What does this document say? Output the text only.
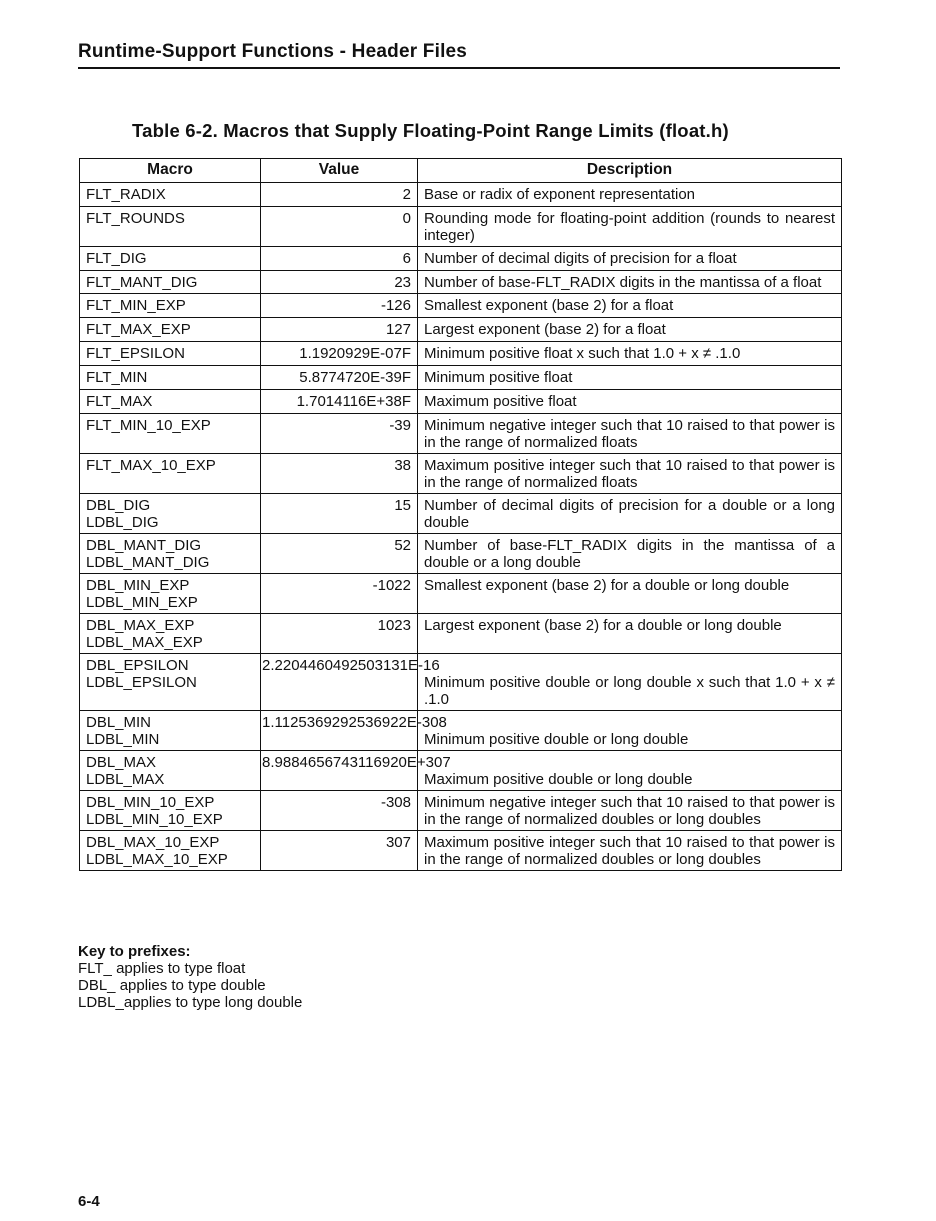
Runtime-Support Functions - Header Files
Table 6-2. Macros that Supply Floating-Point Range Limits (float.h)
Macro	Value	Description

FLT_RADIX	2	Base or radix of exponent representation

FLT_ROUNDS	0	Rounding mode for floating-point addition (rounds to nearest integer)

FLT_DIG	6	Number of decimal digits of precision for a float

FLT_MANT_DIG	23	Number of base-FLT_RADIX digits in the mantissa of a float

FLT_MIN_EXP	-126	Smallest exponent (base 2) for a float

FLT_MAX_EXP	127	Largest exponent (base 2) for a float

FLT_EPSILON	1.1920929E-07F	Minimum positive float x such that 1.0 + x ≠ .1.0

FLT_MIN	5.8774720E-39F	Minimum positive float

FLT_MAX	1.7014116E+38F	Maximum positive float

FLT_MIN_10_EXP	-39	Minimum negative integer such that 10 raised to that power is in the range of normalized floats

FLT_MAX_10_EXP	38	Maximum positive integer such that 10 raised to that power is in the range of normalized floats

DBL_DIG
LDBL_DIG	15	Number of decimal digits of precision for a double or a long double

DBL_MANT_DIG
LDBL_MANT_DIG	52	Number of base-FLT_RADIX digits in the mantissa of a double or a long double

DBL_MIN_EXP
LDBL_MIN_EXP	-1022	Smallest exponent (base 2) for a double or long double

DBL_MAX_EXP
LDBL_MAX_EXP	1023	Largest exponent (base 2) for a double or long double

DBL_EPSILON
LDBL_EPSILON	2.2204460492503131E-16	Minimum positive double or long double x such that 1.0 + x ≠ .1.0

DBL_MIN
LDBL_MIN	1.1125369292536922E-308	Minimum positive double or long double

DBL_MAX
LDBL_MAX	8.9884656743116920E+307	Maximum positive double or long double

DBL_MIN_10_EXP
LDBL_MIN_10_EXP	-308	Minimum negative integer such that 10 raised to that power is in the range of normalized doubles or long doubles

DBL_MAX_10_EXP
LDBL_MAX_10_EXP	307	Maximum positive integer such that 10 raised to that power is in the range of normalized doubles or long doubles
Key to prefixes:
FLT_ applies to type float
DBL_ applies to type double
LDBL_applies to type long double
6-4
